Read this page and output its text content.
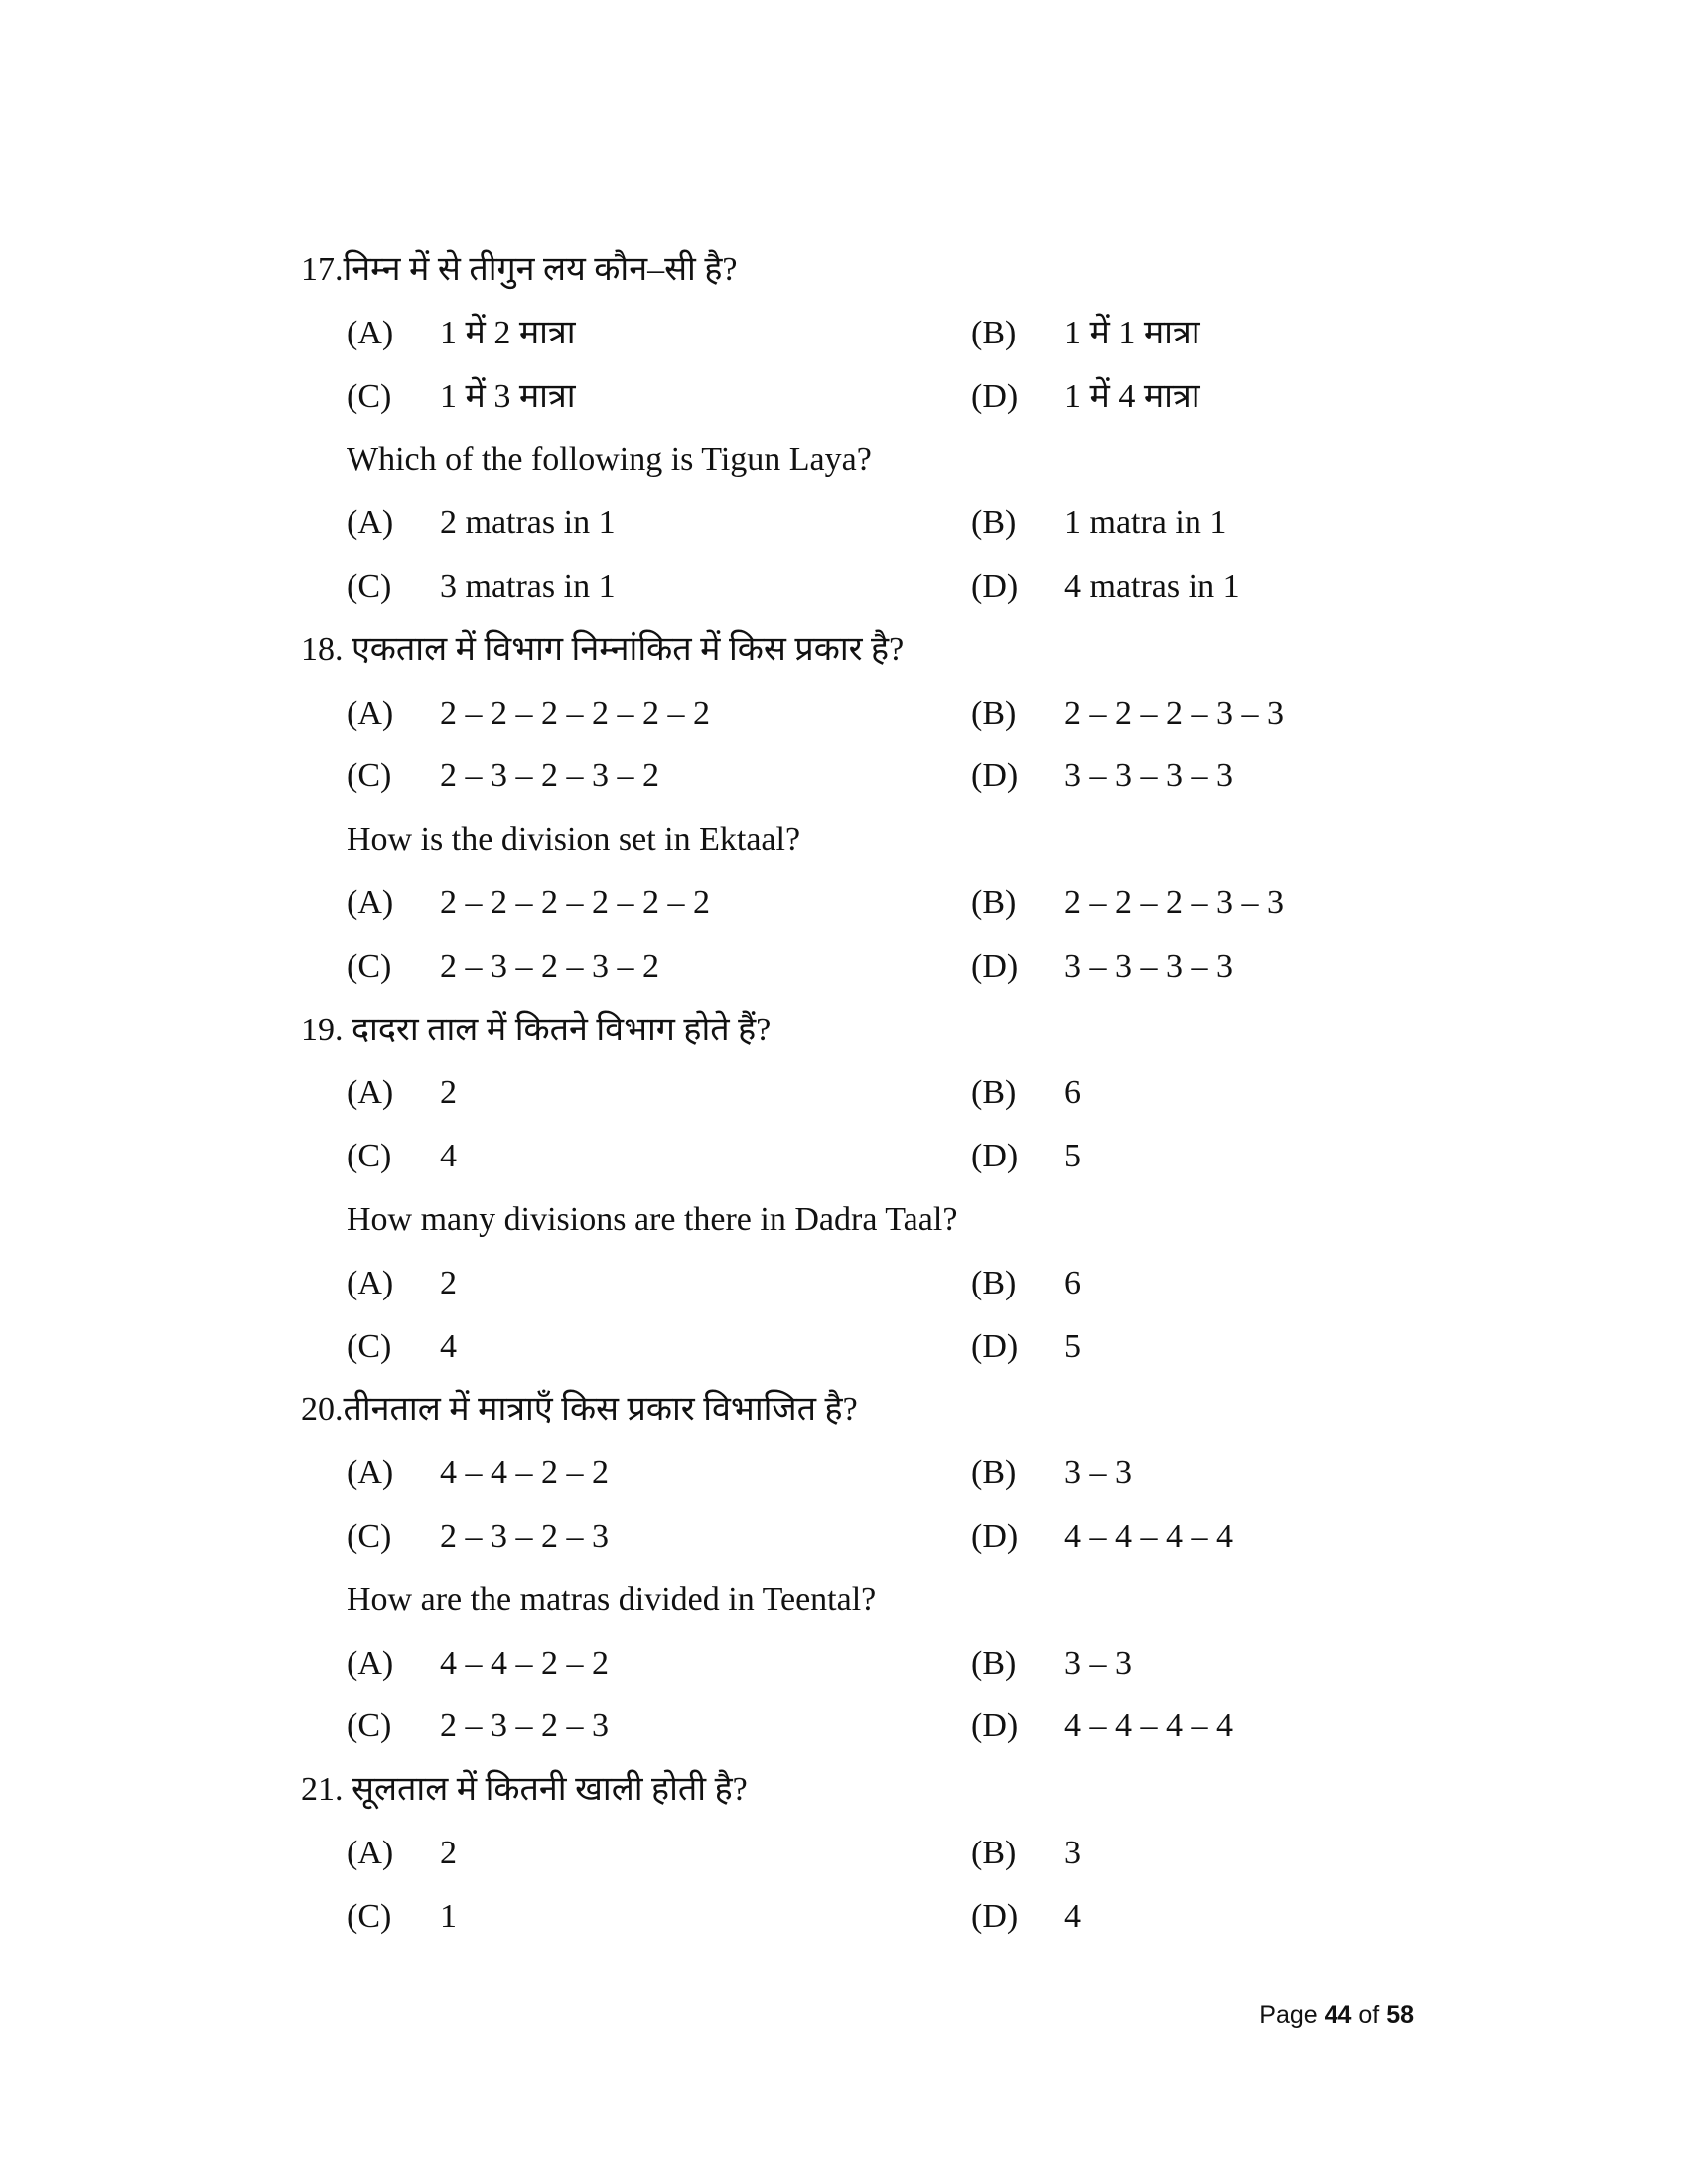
17.निम्न में से तीगुन लय कौन–सी है?
(A) 1 में 2 मात्रा	(B) 1 में 1 मात्रा
(C) 1 में 3 मात्रा	(D) 1 में 4 मात्रा
Which of the following is Tigun Laya?
(A) 2 matras in 1	(B) 1 matra in 1
(C) 3 matras in 1	(D) 4 matras in 1
18. एकताल में विभाग निम्नांकित में किस प्रकार है?
(A) 2 – 2 – 2 – 2 – 2 – 2	(B) 2 – 2 – 2 – 3 – 3
(C) 2 – 3 – 2 – 3 – 2	(D) 3 – 3 – 3 – 3
How is the division set in Ektaal?
(A) 2 – 2 – 2 – 2 – 2 – 2	(B) 2 – 2 – 2 – 3 – 3
(C) 2 – 3 – 2 – 3 – 2	(D) 3 – 3 – 3 – 3
19. दादरा ताल में कितने विभाग होते हैं?
(A) 2	(B) 6
(C) 4	(D) 5
How many divisions are there in Dadra Taal?
(A) 2	(B) 6
(C) 4	(D) 5
20.तीनताल में मात्राएँ किस प्रकार विभाजित है?
(A) 4 – 4 – 2 – 2	(B) 3 – 3
(C) 2 – 3 – 2 – 3	(D) 4 – 4 – 4 – 4
How are the matras divided in Teental?
(A) 4 – 4 – 2 – 2	(B) 3 – 3
(C) 2 – 3 – 2 – 3	(D) 4 – 4 – 4 – 4
21. सूलताल में कितनी खाली होती है?
(A) 2	(B) 3
(C) 1	(D) 4
Page 44 of 58
